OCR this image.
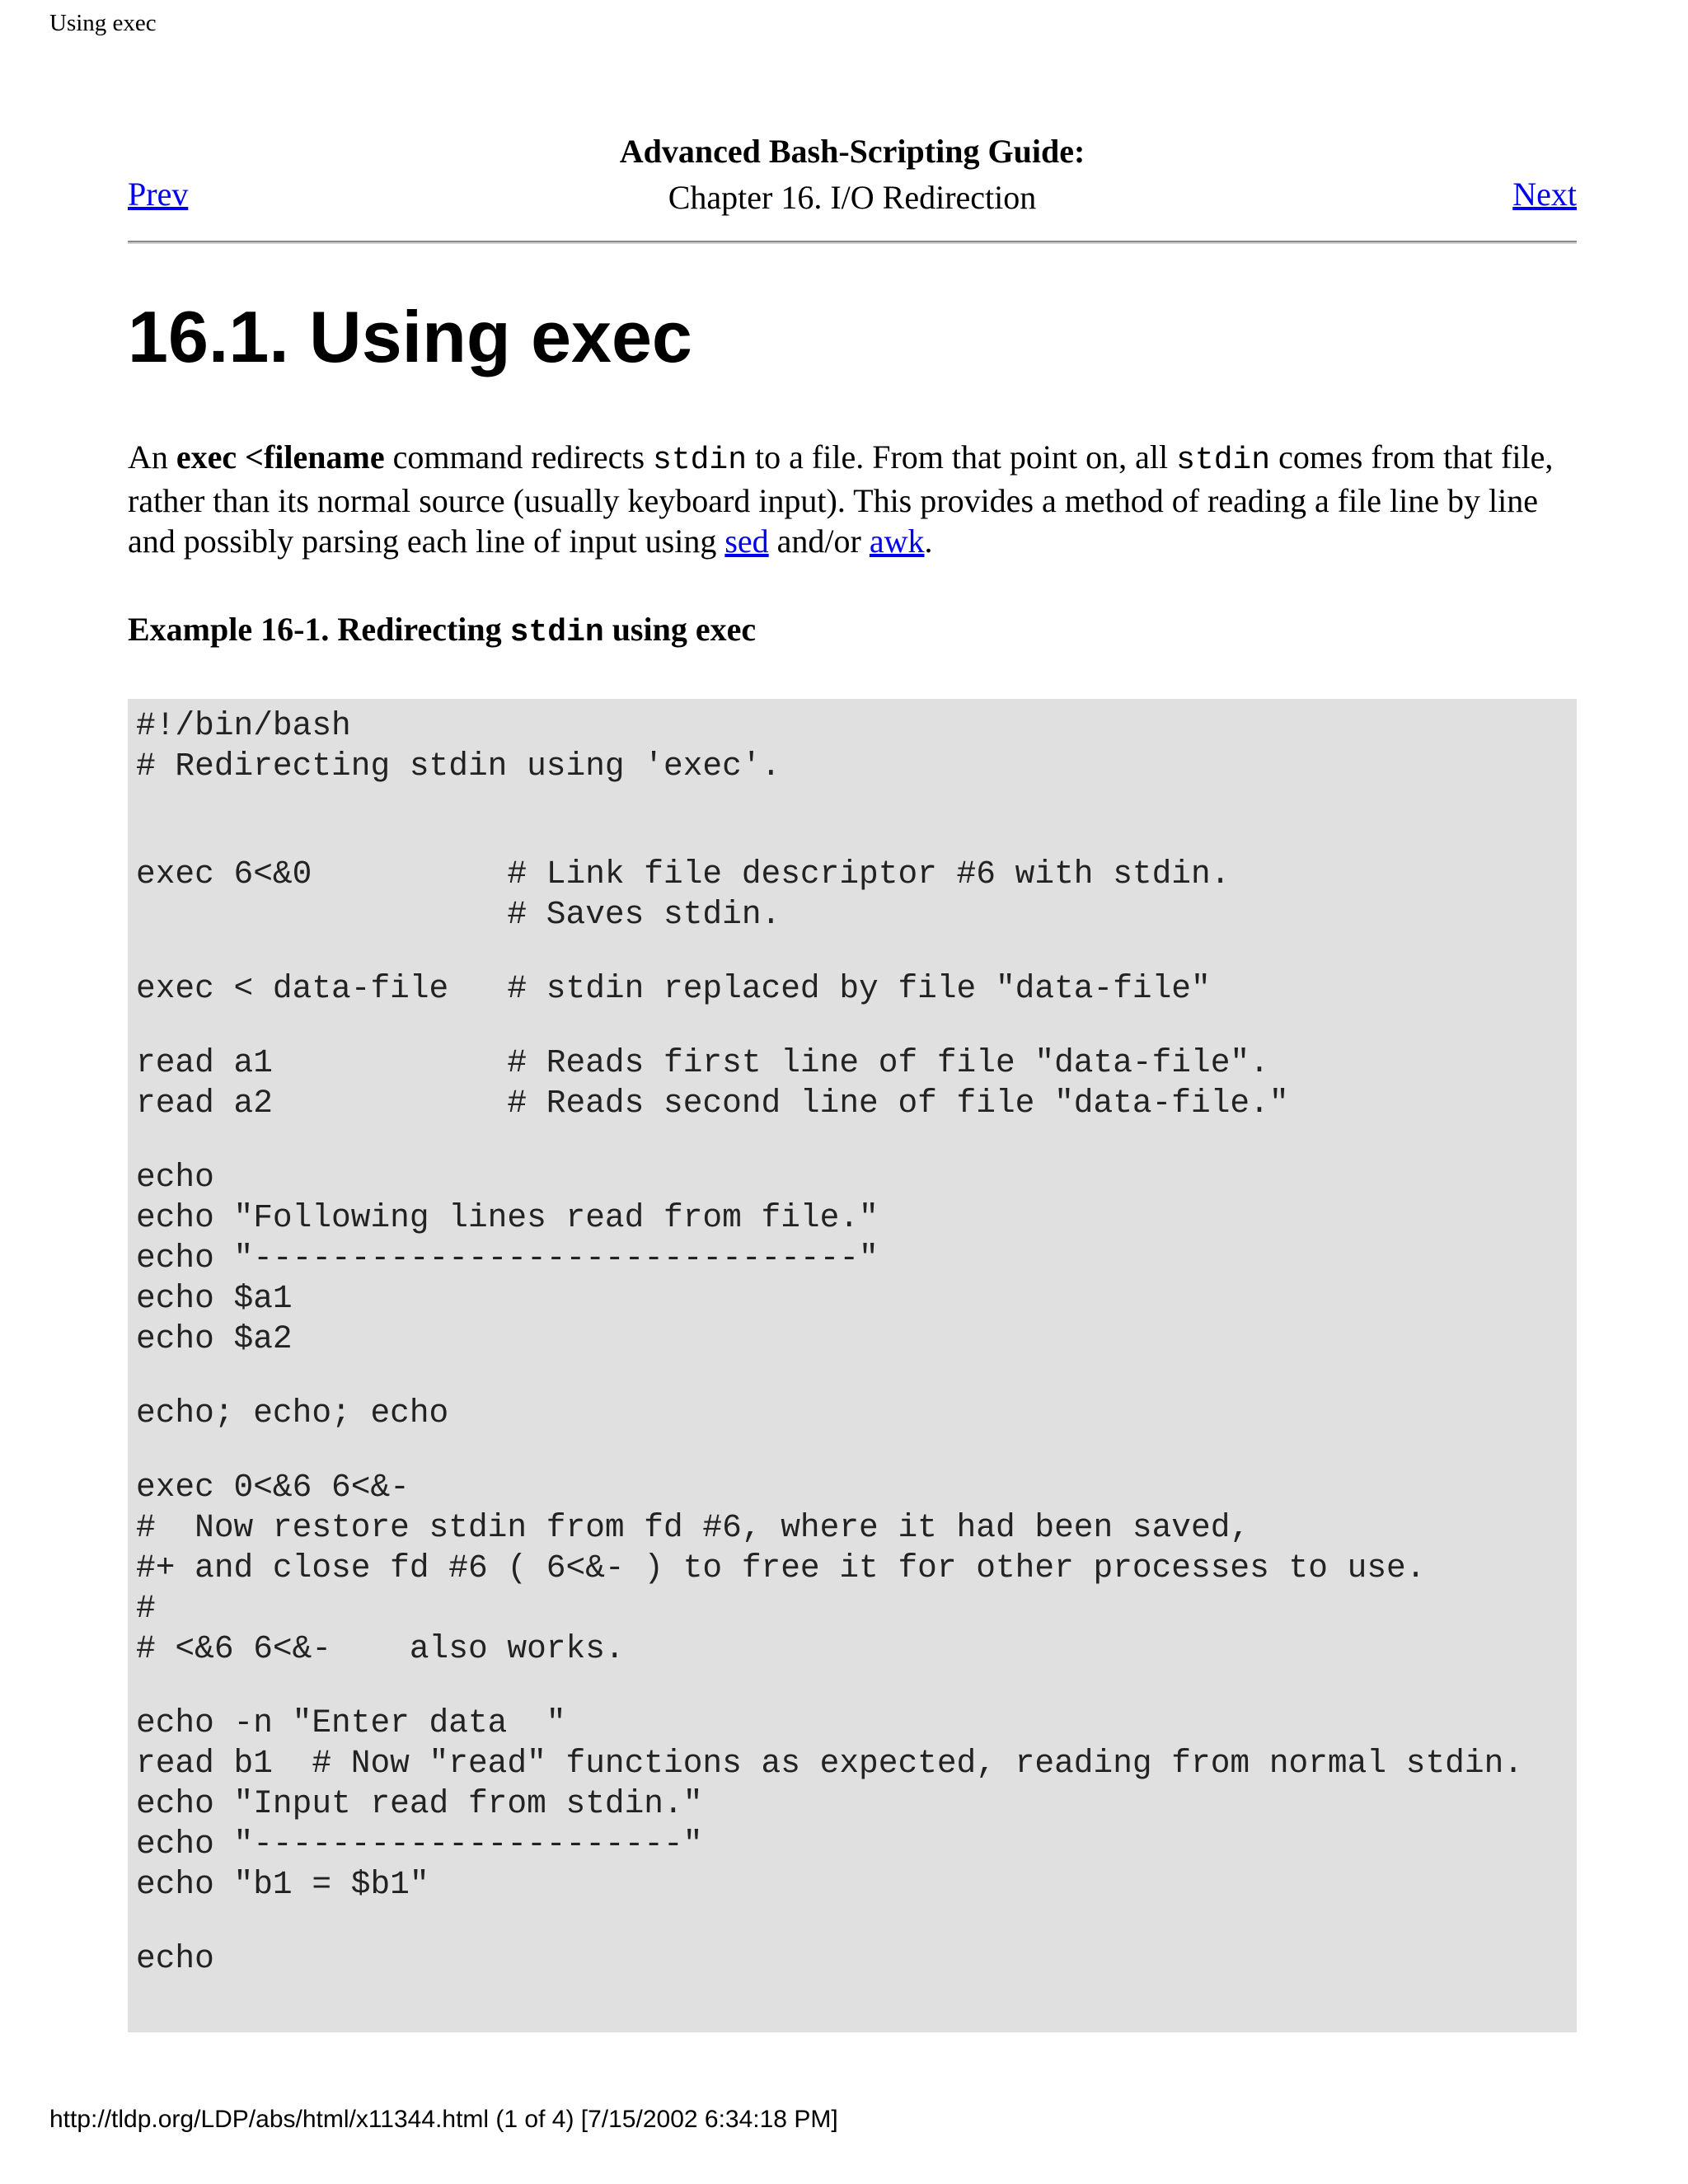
Using exec
Advanced Bash-Scripting Guide:
Chapter 16. I/O Redirection
Prev	Next
16.1. Using exec

An exec <filename command redirects stdin to a file. From that point on, all stdin comes from that file, rather than its normal source (usually keyboard input). This provides a method of reading a file line by line and possibly parsing each line of input using sed and/or awk.

Example 16-1. Redirecting stdin using exec
#!/bin/bash
# Redirecting stdin using 'exec'.
exec 6<&0          # Link file descriptor #6 with stdin.
# Saves stdin.
exec < data-file   # stdin replaced by file "data-file"
read a1            # Reads first line of file "data-file".
read a2            # Reads second line of file "data-file."
echo
echo "Following lines read from file."
echo "-------------------------------"
echo $a1
echo $a2
echo; echo; echo
exec 0<&6 6<&-
#  Now restore stdin from fd #6, where it had been saved,
#+ and close fd #6 ( 6<&- ) to free it for other processes to use.
#
# <&6 6<&-    also works.
echo -n "Enter data  "
read b1  # Now "read" functions as expected, reading from normal stdin.
echo "Input read from stdin."
echo "----------------------"
echo "b1 = $b1"
echo
http://tldp.org/LDP/abs/html/x11344.html (1 of 4) [7/15/2002 6:34:18 PM]
